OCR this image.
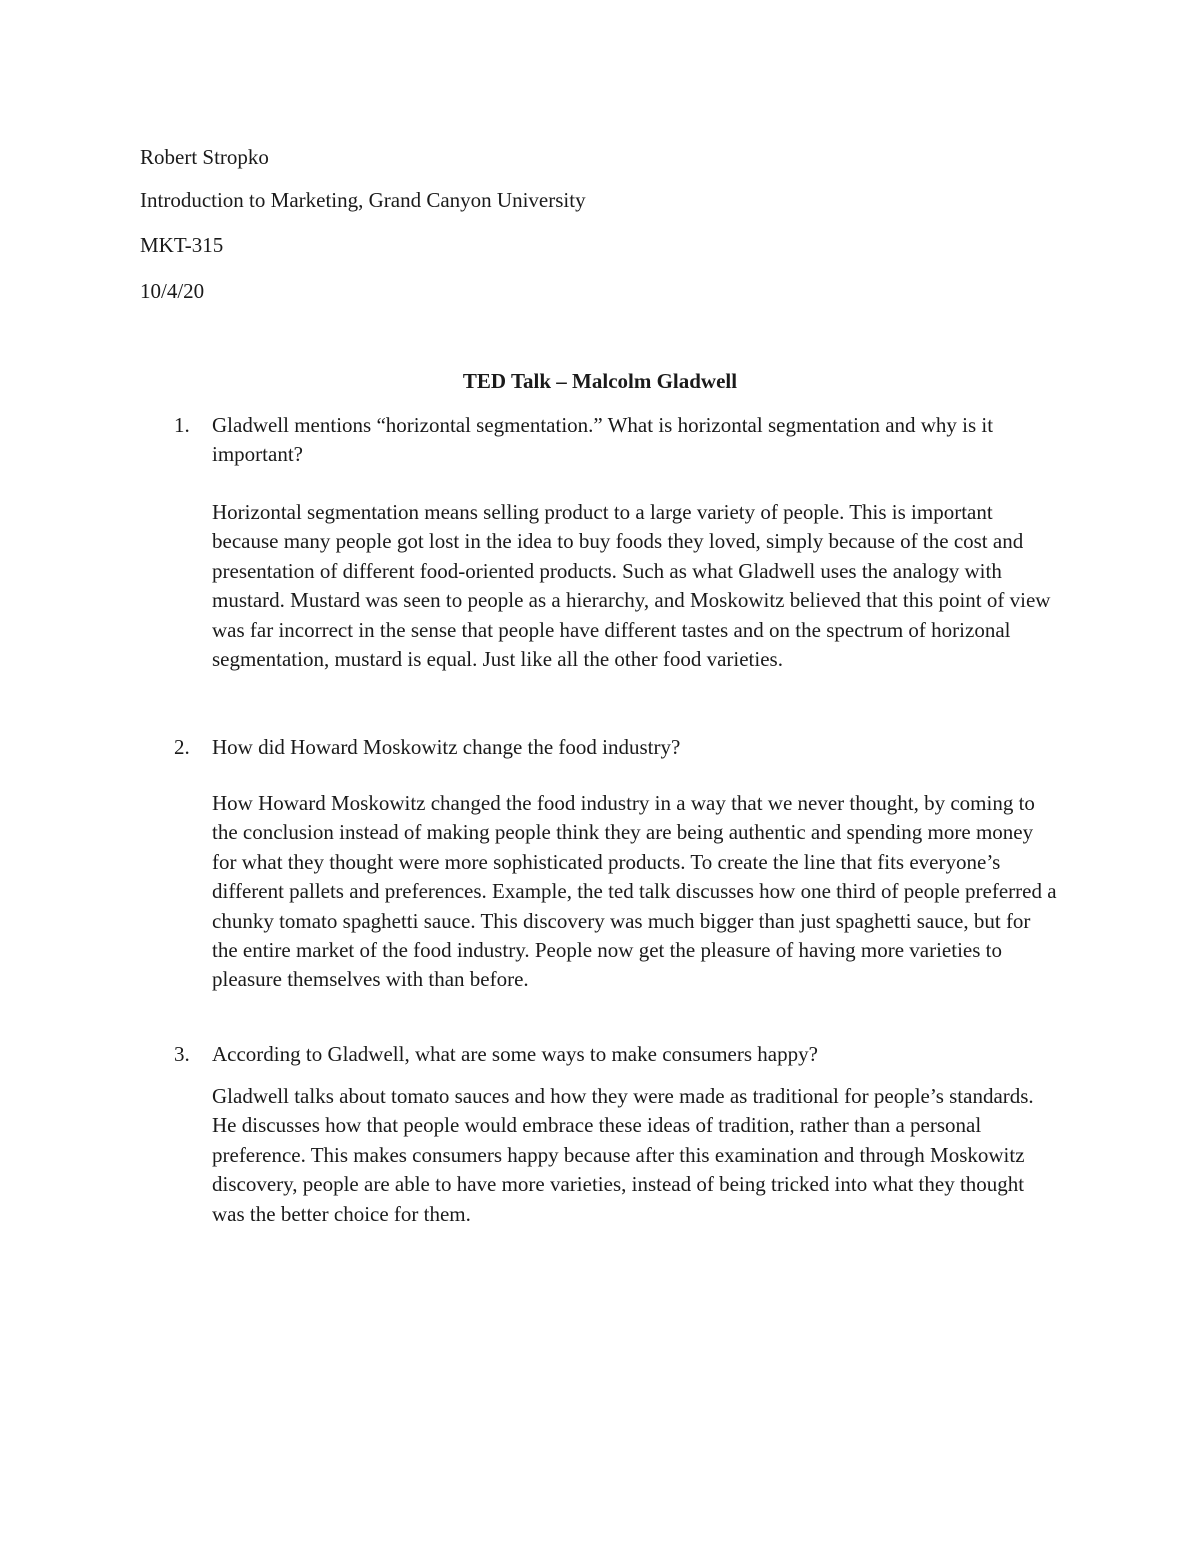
Robert Stropko
Introduction to Marketing, Grand Canyon University
MKT-315
10/4/20
TED Talk – Malcolm Gladwell
1. Gladwell mentions “horizontal segmentation.” What is horizontal segmentation and why is it important?
Horizontal segmentation means selling product to a large variety of people. This is important because many people got lost in the idea to buy foods they loved, simply because of the cost and presentation of different food-oriented products. Such as what Gladwell uses the analogy with mustard. Mustard was seen to people as a hierarchy, and Moskowitz believed that this point of view was far incorrect in the sense that people have different tastes and on the spectrum of horizonal segmentation, mustard is equal. Just like all the other food varieties.
2. How did Howard Moskowitz change the food industry?
How Howard Moskowitz changed the food industry in a way that we never thought, by coming to the conclusion instead of making people think they are being authentic and spending more money for what they thought were more sophisticated products. To create the line that fits everyone’s different pallets and preferences. Example, the ted talk discusses how one third of people preferred a chunky tomato spaghetti sauce. This discovery was much bigger than just spaghetti sauce, but for the entire market of the food industry. People now get the pleasure of having more varieties to pleasure themselves with than before.
3. According to Gladwell, what are some ways to make consumers happy?
Gladwell talks about tomato sauces and how they were made as traditional for people’s standards. He discusses how that people would embrace these ideas of tradition, rather than a personal preference. This makes consumers happy because after this examination and through Moskowitz discovery, people are able to have more varieties, instead of being tricked into what they thought was the better choice for them.
